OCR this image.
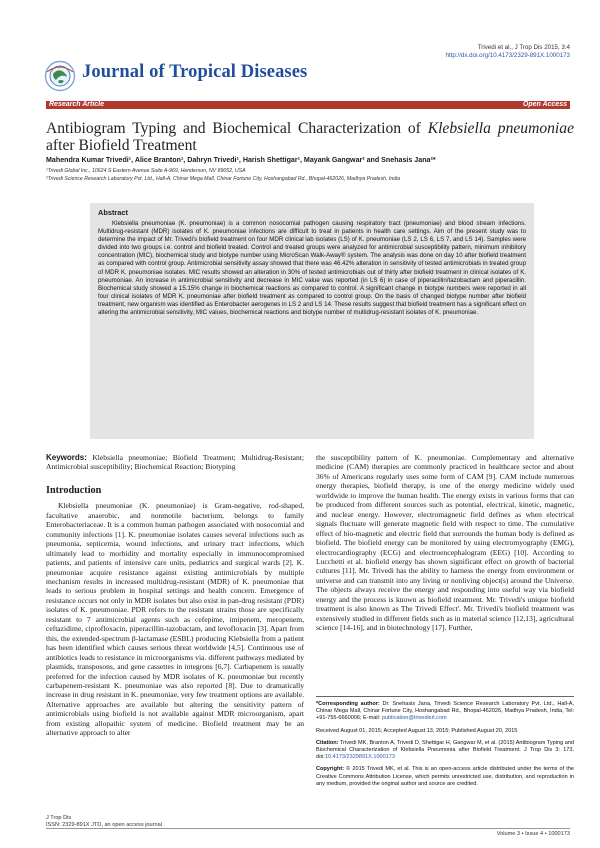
Trivedi et al., J Trop Dis 2015, 3:4
http://dx.doi.org/10.4173/2329-891X.1000173
Journal of Tropical Diseases
Research Article	Open Access
Antibiogram Typing and Biochemical Characterization of Klebsiella pneumoniae after Biofield Treatment
Mahendra Kumar Trivedi¹, Alice Branton¹, Dahryn Trivedi¹, Harish Shettigar¹, Mayank Gangwar² and Snehasis Jana²*
¹Trivedi Global Inc., 10624 S Eastern Avenue Suite A-969, Henderson, NV 89052, USA
²Trivedi Science Research Laboratory Pvt. Ltd., Hall-A, Chinar Mega Mall, Chinar Fortune City, Hoshangabad Rd., Bhopal-462026, Madhya Pradesh, India
Abstract
Klebsiella pneumoniae (K. pneumoniae) is a common nosocomial pathogen causing respiratory tract (pneumoniae) and blood stream infections. Multidrug-resistant (MDR) isolates of K. pneumoniae infections are difficult to treat in patients in health care settings. Aim of the present study was to determine the impact of Mr. Trivedi's biofield treatment on four MDR clinical lab isolates (LS) of K. pneumoniae (LS 2, LS 6, LS 7, and LS 14). Samples were divided into two groups i.e. control and biofield treated. Control and treated groups were analyzed for antimicrobial susceptibility pattern, minimum inhibitory concentration (MIC), biochemical study and biotype number using MicroScan Walk-Away® system. The analysis was done on day 10 after biofield treatment as compared with control group. Antimicrobial sensitivity assay showed that there was 46.42% alteration in sensitivity of tested antimicrobials in treated group of MDR K. pneumoniae isolates. MIC results showed an alteration in 30% of tested antimicrobials out of thirty after biofield treatment in clinical isolates of K. pneumoniae. An increase in antimicrobial sensitivity and decrease in MIC value was reported (in LS 6) in case of piperacillin/tazobactam and piperacillin. Biochemical study showed a 15.15% change in biochemical reactions as compared to control. A significant change in biotype numbers were reported in all four clinical isolates of MDR K. pneumoniae after biofield treatment as compared to control group. On the basis of changed biotype number after biofield treatment, new organism was identified as Enterobacter aerogenes in LS 2 and LS 14. These results suggest that biofield treatment has a significant effect on altering the antimicrobial sensitivity, MIC values, biochemical reactions and biotype number of multidrug-resistant isolates of K. pneumoniae.

Keywords: Klebsiella pneumoniae; Biofield Treatment; Multidrug-Resistant; Antimicrobial susceptibility; Biochemical Reaction; Biotyping

Introduction

Klebsiella pneumoniae (K. pneumoniae) is Gram-negative, rod-shaped, facultative anaerobic, and nonmotile bacterium, belongs to family Enterobacteriaceae. It is a common human pathogen associated with nosocomial and community infections [1]. K. pneumoniae isolates causes several infections such as pneumonia, septicemia, wound infections, and urinary tract infections, which ultimately lead to morbidity and mortality especially in immunocompromised patients, and patients of intensive care units, pediatrics and surgical wards [2]. K. pneumoniae acquire resistance against existing antimicrobials by multiple mechanism results in increased multidrug-resistant (MDR) of K. pneumoniae that leads to serious problem in hospital settings and health concern. Emergence of resistance occurs not only in MDR isolates but also exist in pan-drug resistant (PDR) isolates of K. pneumoniae. PDR refers to the resistant strains those are specifically resistant to 7 antimicrobial agents such as cefepime, imipenem, meropenem, ceftazidime, ciprofloxacin, piperacillin-tazobactam, and levofloxacin [3]. Apart from this, the extended-spectrum β-lactamase (ESBL) producing Klebsiella from a patient has been identified which causes serious threat worldwide [4,5]. Continuous use of antibiotics leads to resistance in microorganisms via. different pathways mediated by plasmids, transposons, and gene cassettes in integrons [6,7]. Carbapenem is usually preferred for the infection caused by MDR isolates of K. pneumoniae but recently carbapenem-resistant K. pneumoniae was also reported [8]. Due to dramatically increase in drug resistant in K. pneumoniae, very few treatment options are available. Alternative approaches are available but altering the sensitivity pattern of antimicrobials using biofield is not available against MDR microorganism, apart from existing allopathic system of medicine. Biofield treatment may be an alternative approach to alter

the susceptibility pattern of K. pneumoniae. Complementary and alternative medicine (CAM) therapies are commonly practiced in healthcare sector and about 36% of Americans regularly uses some form of CAM [9]. CAM include numerous energy therapies, biofield therapy, is one of the energy medicine widely used worldwide to improve the human health. The energy exists in various forms that can be produced from different sources such as potential, electrical, kinetic, magnetic, and nuclear energy. However, electromagnetic field defines as when electrical signals fluctuate will generate magnetic field with respect to time. The cumulative effect of bio-magnetic and electric field that surrounds the human body is defined as biofield. The biofield energy can be monitored by using electromyography (EMG), electrocardiography (ECG) and electroencephalogram (EEG) [10]. According to Lucchetti et al. biofield energy has shown significant effect on growth of bacterial cultures [11]. Mr. Trivedi has the ability to harness the energy from environment or universe and can transmit into any living or nonliving object(s) around the Universe. The objects always receive the energy and responding into useful way via biofield energy and the process is known as biofield treatment. Mr. Trivedi's unique biofield treatment is also known as The Trivedi Effect'. Mr. Trivedi's biofield treatment was extensively studied in different fields such as in material science [12,13], agricultural science [14-16], and in biotechnology [17]. Further,

*Corresponding author: Dr. Snehasis Jana, Trivedi Science Research Laboratory Pvt. Ltd., Hall-A, Chinar Mega Mall, Chinar Fortune City, Hoshangabad Rd., Bhopal-462026, Madhya Pradesh, India, Tel: +91-755-6660006; E-mail: publication@trivedisrl.com

Received August 01, 2015; Accepted August 13, 2015; Published August 20, 2015

Citation: Trivedi MK, Branton A, Trivedi D, Shettigar H, Gangwar M, et al. (2015) Antibiogram Typing and Biochemical Characterization of Klebsiella Pneumonia after Biofield Treatment. J Trop Dis 3: 173. doi:10.4173/2329891X.1000173

Copyright: © 2015 Trivedi MK, et al. This is an open-access article distributed under the terms of the Creative Commons Attribution License, which permits unrestricted use, distribution, and reproduction in any medium, provided the original author and source are credited.

J Trop Dis
ISSN: 2329-891X JTD, an open access journal
Volume 3 • Issue 4 • 1000173
